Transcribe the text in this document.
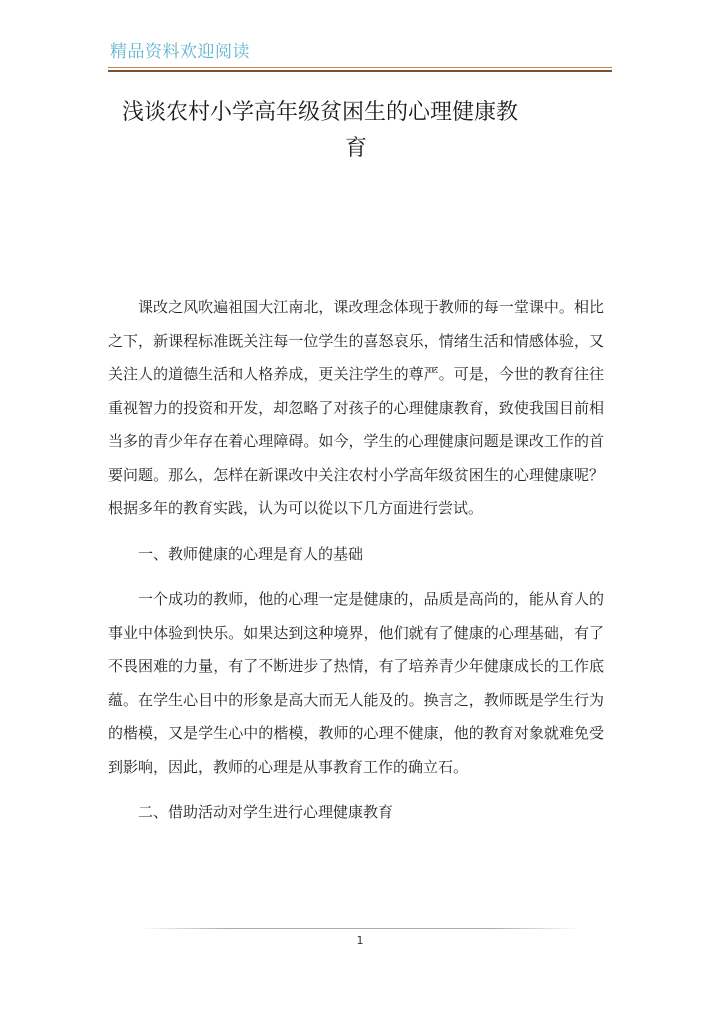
精品资料欢迎阅读
浅谈农村小学高年级贫困生的心理健康教
育

课改之风吹遍祖国大江南北，课改理念体现于教师的每一堂课中。相比之下，新课程标准既关注每一位学生的喜怒哀乐，情绪生活和情感体验，又关注人的道德生活和人格养成，更关注学生的尊严。可是，今世的教育往往重视智力的投资和开发，却忽略了对孩子的心理健康教育，致使我国目前相当多的青少年存在着心理障碍。如今，学生的心理健康问题是课改工作的首要问题。那么，怎样在新课改中关注农村小学高年级贫困生的心理健康呢？根据多年的教育实践，认为可以從以下几方面进行尝试。

一、教师健康的心理是育人的基础

一个成功的教师，他的心理一定是健康的，品质是高尚的，能从育人的事业中体验到快乐。如果达到这种境界，他们就有了健康的心理基础，有了不畏困难的力量，有了不断进步了热情，有了培养青少年健康成长的工作底蕴。在学生心目中的形象是高大而无人能及的。换言之，教师既是学生行为的楷模，又是学生心中的楷模，教师的心理不健康，他的教育对象就难免受到影响，因此，教师的心理是从事教育工作的确立石。

二、借助活动对学生进行心理健康教育

1
